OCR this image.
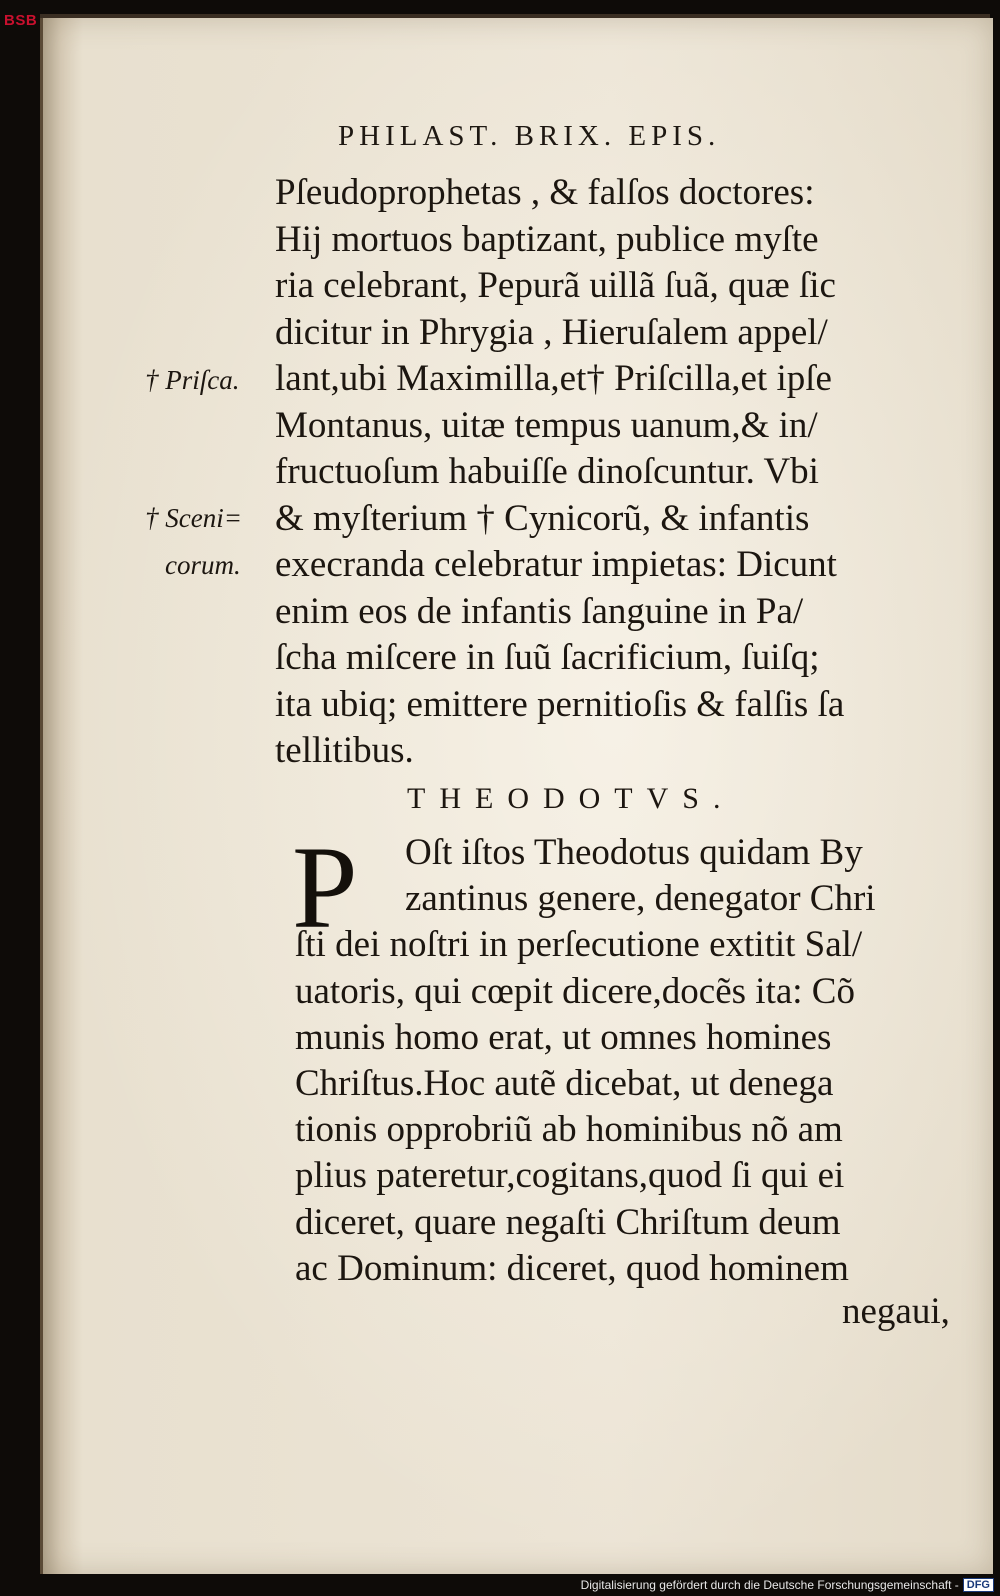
BSB
PHILAST. BRIX. EPIS.
† Priſca.
† Sceni=
corum.
Pſeudoprophetas , & falſos doctores:
Hij mortuos baptizant, publice myſte
ria celebrant, Pepurã uillã ſuã, quæ ſic
dicitur in Phrygia , Hieruſalem appel/
lant,ubi Maximilla,et† Priſcilla,et ipſe
Montanus, uitæ tempus uanum,& in/
fructuoſum habuiſſe dinoſcuntur. Vbi
& myſterium † Cynicorũ, & infantis
execranda celebratur impietas: Dicunt
enim eos de infantis ſanguine in Pa/
ſcha miſcere in ſuũ ſacrificium, ſuiſq;
ita ubiq; emittere pernitioſis & falſis ſa
tellitibus.
THEODOTVS.
P	Oſt iſtos Theodotus quidam By
zantinus genere, denegator Chri
ſti dei noſtri in perſecutione extitit Sal/
uatoris, qui cœpit dicere,docẽs ita: Cõ
munis homo erat, ut omnes homines
Chriſtus.Hoc autẽ dicebat, ut denega
tionis opprobriũ ab hominibus nõ am
plius pateretur,cogitans,quod ſi qui ei
diceret, quare negaſti Chriſtum deum
ac Dominum: diceret, quod hominem
negaui,
Digitalisierung gefördert durch die Deutsche Forschungsgemeinschaft - DFG
